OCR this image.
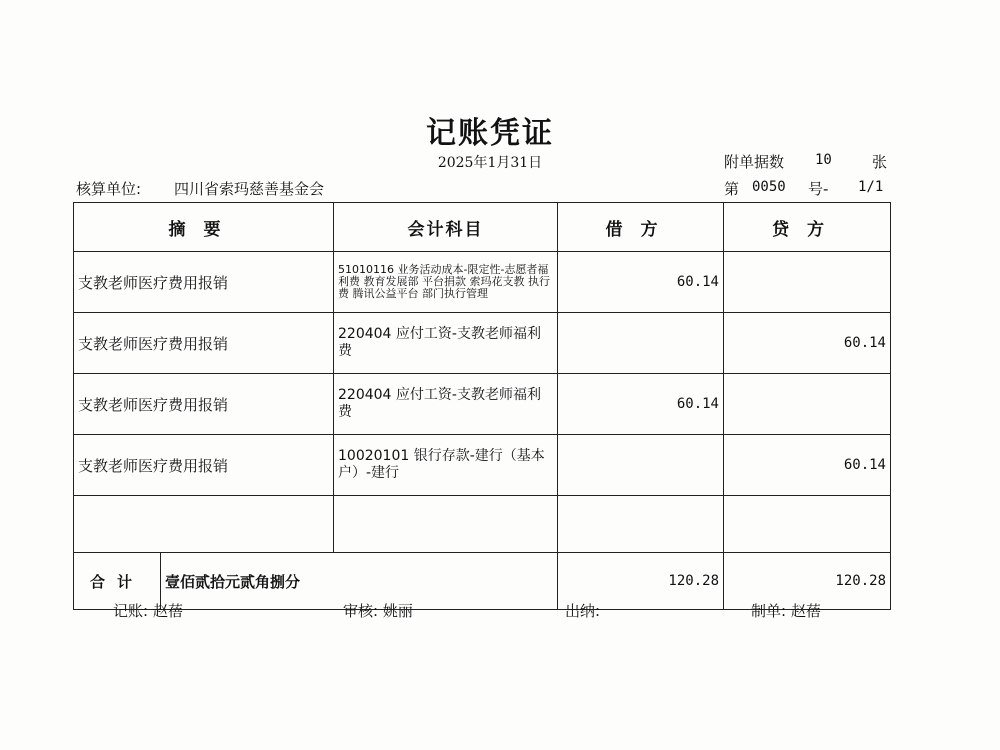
记账凭证
2025年1月31日	附单据数 10	张
核算单位: 四川省索玛慈善基金会	第 0050 号- 1/1
摘要		会计科目	借方	贷方
支教老师医疗费用报销		51010116 业务活动成本-限定性-志愿者福利费 教育发展部 平台捐款 索玛花支教 执行费 腾讯公益平台 部门执行管理	60.14	
支教老师医疗费用报销		220404 应付工资-支教老师福利费		60.14
支教老师医疗费用报销		220404 应付工资-支教老师福利费	60.14	
支教老师医疗费用报销		10020101 银行存款-建行（基本户）-建行		60.14

合计	壹佰贰拾元贰角捌分		120.28	120.28
记账: 赵蓓	审核: 姚丽	出纳:	制单: 赵蓓
